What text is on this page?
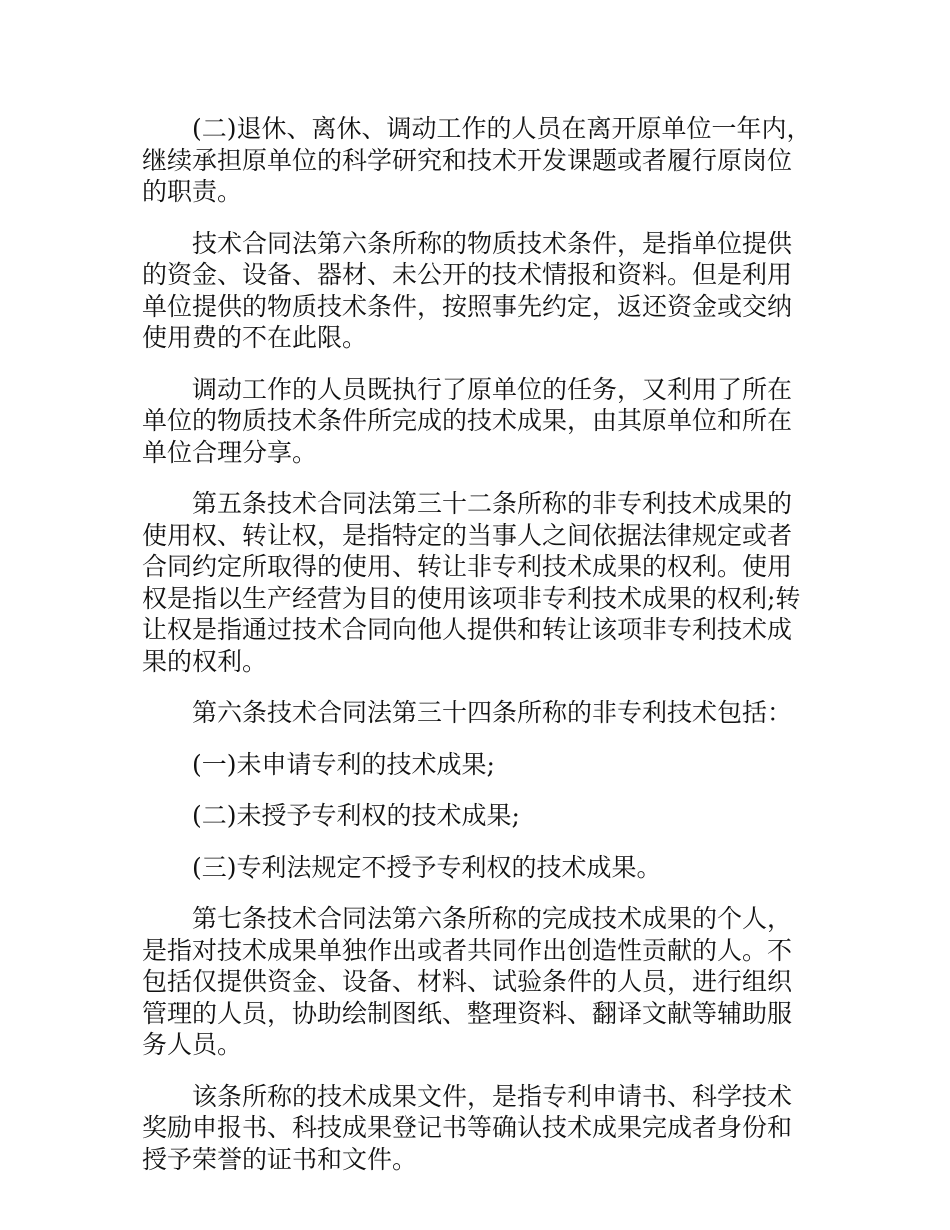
(二)退休、离休、调动工作的人员在离开原单位一年内，继续承担原单位的科学研究和技术开发课题或者履行原岗位的职责。

技术合同法第六条所称的物质技术条件，是指单位提供的资金、设备、器材、未公开的技术情报和资料。但是利用单位提供的物质技术条件，按照事先约定，返还资金或交纳使用费的不在此限。

调动工作的人员既执行了原单位的任务，又利用了所在单位的物质技术条件所完成的技术成果，由其原单位和所在单位合理分享。

第五条技术合同法第三十二条所称的非专利技术成果的使用权、转让权，是指特定的当事人之间依据法律规定或者合同约定所取得的使用、转让非专利技术成果的权利。使用权是指以生产经营为目的使用该项非专利技术成果的权利;转让权是指通过技术合同向他人提供和转让该项非专利技术成果的权利。

第六条技术合同法第三十四条所称的非专利技术包括：

(一)未申请专利的技术成果;

(二)未授予专利权的技术成果;

(三)专利法规定不授予专利权的技术成果。

第七条技术合同法第六条所称的完成技术成果的个人，是指对技术成果单独作出或者共同作出创造性贡献的人。不包括仅提供资金、设备、材料、试验条件的人员，进行组织管理的人员，协助绘制图纸、整理资料、翻译文献等辅助服务人员。

该条所称的技术成果文件，是指专利申请书、科学技术奖励申报书、科技成果登记书等确认技术成果完成者身份和授予荣誉的证书和文件。
